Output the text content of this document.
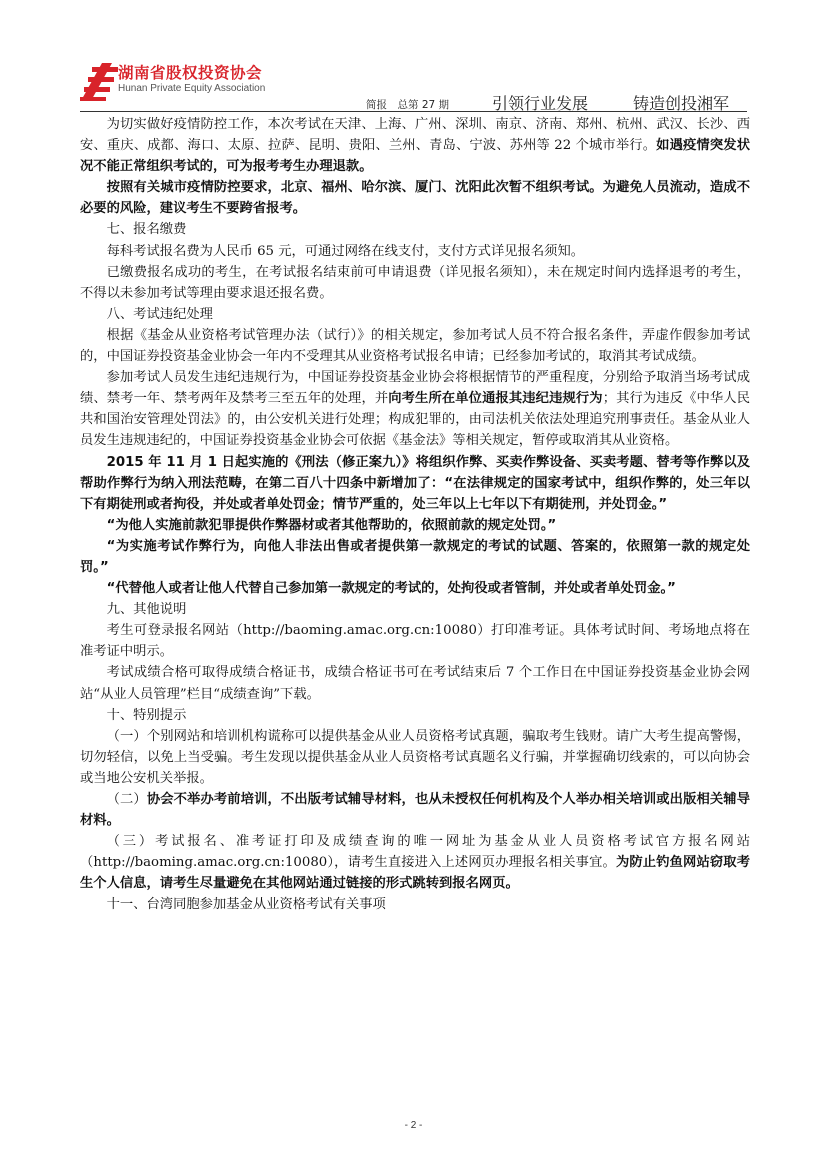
湖南省股权投资协会
Hunan Private Equity Association
简报　总第 27 期	引领行业发展	铸造创投湘军

为切实做好疫情防控工作，本次考试在天津、上海、广州、深圳、南京、济南、郑州、杭州、武汉、长沙、西安、重庆、成都、海口、太原、拉萨、昆明、贵阳、兰州、青岛、宁波、苏州等 22 个城市举行。如遇疫情突发状况不能正常组织考试的，可为报考考生办理退款。

按照有关城市疫情防控要求，北京、福州、哈尔滨、厦门、沈阳此次暂不组织考试。为避免人员流动，造成不必要的风险，建议考生不要跨省报考。

七、报名缴费

每科考试报名费为人民币 65 元，可通过网络在线支付，支付方式详见报名须知。

已缴费报名成功的考生，在考试报名结束前可申请退费（详见报名须知），未在规定时间内选择退考的考生，不得以未参加考试等理由要求退还报名费。

八、考试违纪处理

根据《基金从业资格考试管理办法（试行）》的相关规定，参加考试人员不符合报名条件，弄虚作假参加考试的，中国证券投资基金业协会一年内不受理其从业资格考试报名申请；已经参加考试的，取消其考试成绩。

参加考试人员发生违纪违规行为，中国证券投资基金业协会将根据情节的严重程度，分别给予取消当场考试成绩、禁考一年、禁考两年及禁考三至五年的处理，并向考生所在单位通报其违纪违规行为；其行为违反《中华人民共和国治安管理处罚法》的，由公安机关进行处理；构成犯罪的，由司法机关依法处理追究刑事责任。基金从业人员发生违规违纪的，中国证券投资基金业协会可依据《基金法》等相关规定，暂停或取消其从业资格。

2015 年 11 月 1 日起实施的《刑法（修正案九）》将组织作弊、买卖作弊设备、买卖考题、替考等作弊以及帮助作弊行为纳入刑法范畴，在第二百八十四条中新增加了：“在法律规定的国家考试中，组织作弊的，处三年以下有期徒刑或者拘役，并处或者单处罚金；情节严重的，处三年以上七年以下有期徒刑，并处罚金。”

“为他人实施前款犯罪提供作弊器材或者其他帮助的，依照前款的规定处罚。”

“为实施考试作弊行为，向他人非法出售或者提供第一款规定的考试的试题、答案的，依照第一款的规定处罚。”

“代替他人或者让他人代替自己参加第一款规定的考试的，处拘役或者管制，并处或者单处罚金。”

九、其他说明

考生可登录报名网站（http://baoming.amac.org.cn:10080）打印准考证。具体考试时间、考场地点将在准考证中明示。

考试成绩合格可取得成绩合格证书，成绩合格证书可在考试结束后 7 个工作日在中国证券投资基金业协会网站“从业人员管理”栏目“成绩查询”下载。

十、特别提示

（一）个别网站和培训机构谎称可以提供基金从业人员资格考试真题，骗取考生钱财。请广大考生提高警惕，切勿轻信，以免上当受骗。考生发现以提供基金从业人员资格考试真题名义行骗，并掌握确切线索的，可以向协会或当地公安机关举报。

（二）协会不举办考前培训，不出版考试辅导材料，也从未授权任何机构及个人举办相关培训或出版相关辅导材料。

（三）考试报名、准考证打印及成绩查询的唯一网址为基金从业人员资格考试官方报名网站（http://baoming.amac.org.cn:10080），请考生直接进入上述网页办理报名相关事宜。为防止钓鱼网站窃取考生个人信息，请考生尽量避免在其他网站通过链接的形式跳转到报名网页。

十一、台湾同胞参加基金从业资格考试有关事项

- 2 -
